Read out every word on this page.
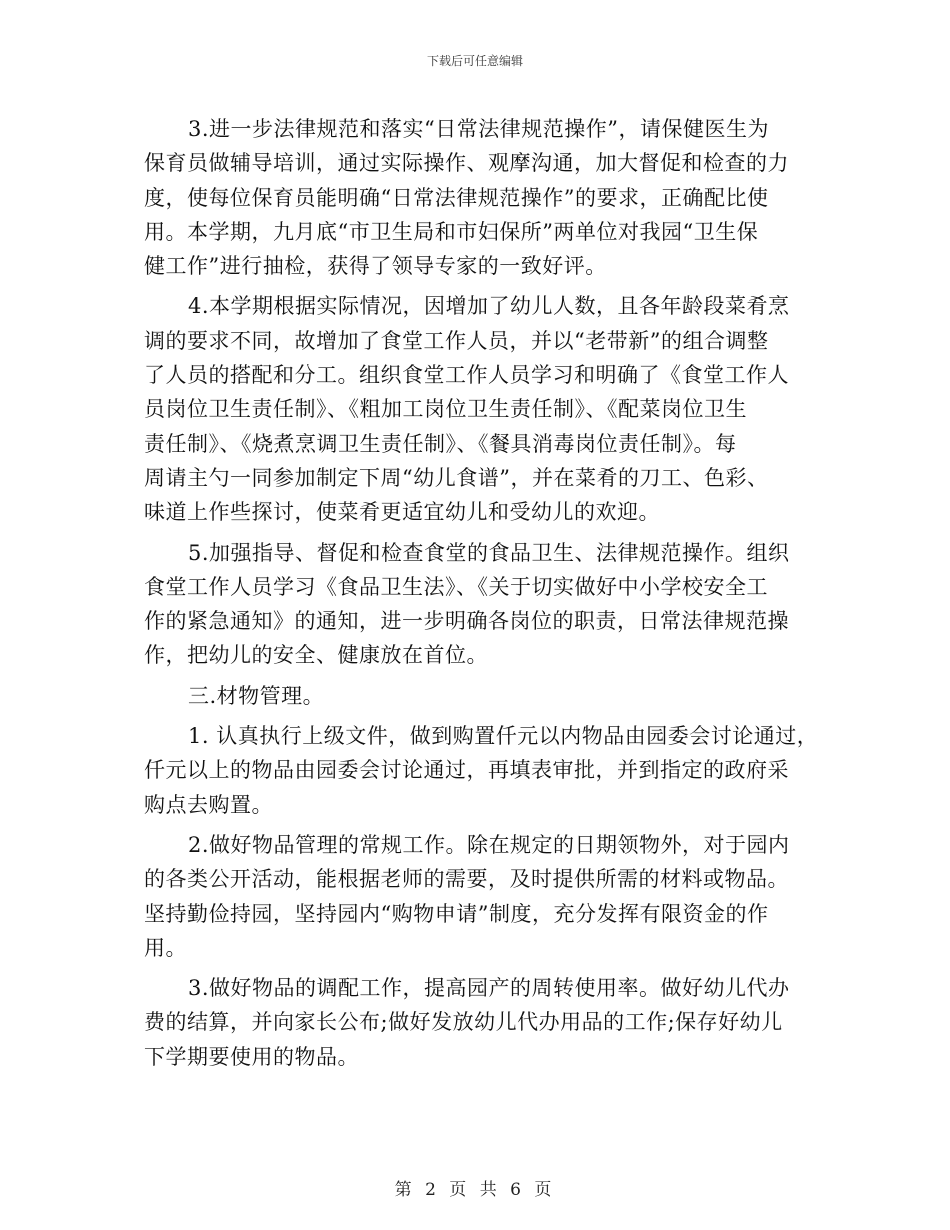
下载后可任意编辑

3.进一步法律规范和落实“日常法律规范操作”，请保健医生为
保育员做辅导培训，通过实际操作、观摩沟通，加大督促和检查的力
度，使每位保育员能明确“日常法律规范操作”的要求，正确配比使
用。本学期，九月底“市卫生局和市妇保所”两单位对我园“卫生保
健工作”进行抽检，获得了领导专家的一致好评。

4.本学期根据实际情况，因增加了幼儿人数，且各年龄段菜肴烹
调的要求不同，故增加了食堂工作人员，并以“老带新”的组合调整
了人员的搭配和分工。组织食堂工作人员学习和明确了《食堂工作人
员岗位卫生责任制》、《粗加工岗位卫生责任制》、《配菜岗位卫生
责任制》、《烧煮烹调卫生责任制》、《餐具消毒岗位责任制》。每
周请主勺一同参加制定下周“幼儿食谱”，并在菜肴的刀工、色彩、
味道上作些探讨，使菜肴更适宜幼儿和受幼儿的欢迎。

5.加强指导、督促和检查食堂的食品卫生、法律规范操作。组织
食堂工作人员学习《食品卫生法》、《关于切实做好中小学校安全工
作的紧急通知》的通知，进一步明确各岗位的职责，日常法律规范操
作，把幼儿的安全、健康放在首位。

三.材物管理。

1. 认真执行上级文件，做到购置仟元以内物品由园委会讨论通过，
仟元以上的物品由园委会讨论通过，再填表审批，并到指定的政府采
购点去购置。

2.做好物品管理的常规工作。除在规定的日期领物外，对于园内
的各类公开活动，能根据老师的需要，及时提供所需的材料或物品。
坚持勤俭持园，坚持园内“购物申请”制度，充分发挥有限资金的作
用。

3.做好物品的调配工作，提高园产的周转使用率。做好幼儿代办
费的结算，并向家长公布;做好发放幼儿代办用品的工作;保存好幼儿
下学期要使用的物品。

第 2 页 共 6 页
